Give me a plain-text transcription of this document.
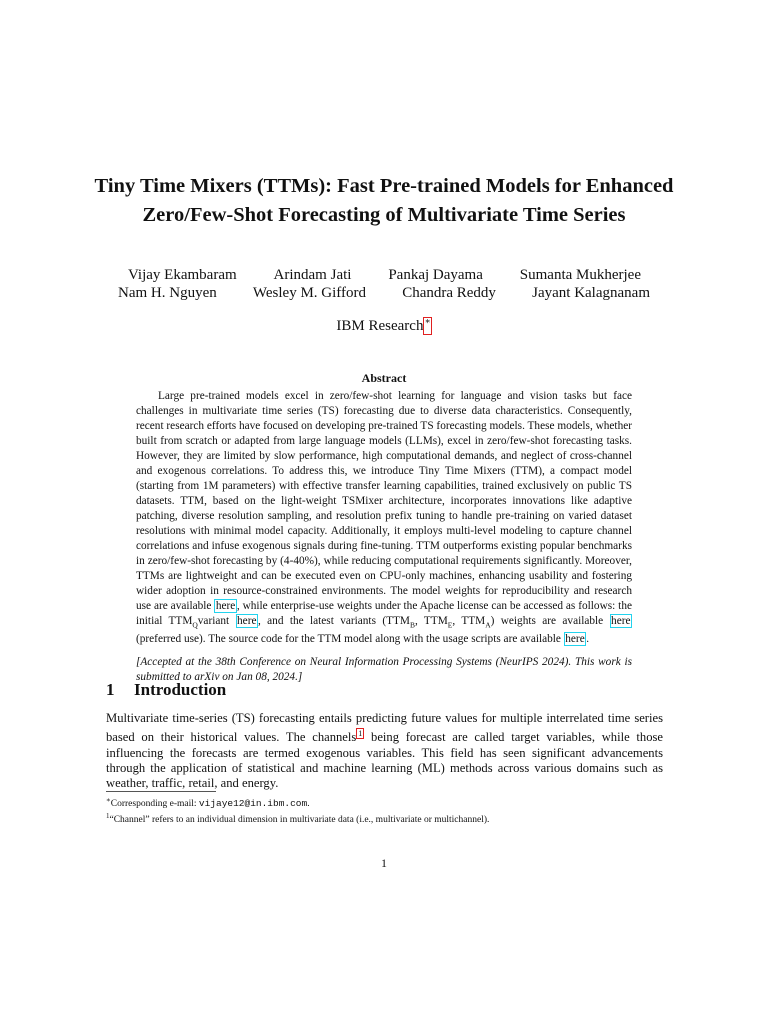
Tiny Time Mixers (TTMs): Fast Pre-trained Models for Enhanced Zero/Few-Shot Forecasting of Multivariate Time Series
Vijay Ekambaram Arindam Jati Pankaj Dayama Sumanta Mukherjee
Nam H. Nguyen Wesley M. Gifford Chandra Reddy Jayant Kalagnanam
IBM Research∗
Abstract

Large pre-trained models excel in zero/few-shot learning for language and vision tasks but face challenges in multivariate time series (TS) forecasting due to diverse data characteristics. Consequently, recent research efforts have focused on developing pre-trained TS forecasting models. These models, whether built from scratch or adapted from large language models (LLMs), excel in zero/few-shot forecasting tasks. However, they are limited by slow performance, high computational demands, and neglect of cross-channel and exogenous correlations. To address this, we introduce Tiny Time Mixers (TTM), a compact model (starting from 1M parameters) with effective transfer learning capabilities, trained exclusively on public TS datasets. TTM, based on the light-weight TSMixer architecture, incorporates innovations like adaptive patching, diverse resolution sampling, and resolution prefix tuning to handle pre-training on varied dataset resolutions with minimal model capacity. Additionally, it employs multi-level modeling to capture channel correlations and infuse exogenous signals during fine-tuning. TTM outperforms existing popular benchmarks in zero/few-shot forecasting by (4-40%), while reducing computational requirements significantly. Moreover, TTMs are lightweight and can be executed even on CPU-only machines, enhancing usability and fostering wider adoption in resource-constrained environments. The model weights for reproducibility and research use are available here , while enterprise-use weights under the Apache license can be accessed as follows: the initial $TTM_Qvariant$ here , and the latest variants ($TTM_B$, $TTM_E$, $TTM_A$) weights are available here (preferred use). The source code for the TTM model along with the usage scripts are available here .

[Accepted at the 38th Conference on Neural Information Processing Systems (NeurIPS 2024). This work is submitted to arXiv on Jan 08, 2024.]

1 Introduction

Multivariate time-series (TS) forecasting entails predicting future values for multiple interrelated time series based on their historical values. The channels $^1$ being forecast are called target variables, while those influencing the forecasts are termed exogenous variables. This field has seen significant advancements through the application of statistical and machine learning (ML) methods across various domains such as weather, traffic, retail, and energy.

∗Corresponding e-mail: vijaye12@in.ibm.com.
$^1$“Channel” refers to an individual dimension in multivariate data (i.e., multivariate or multichannel).
1
